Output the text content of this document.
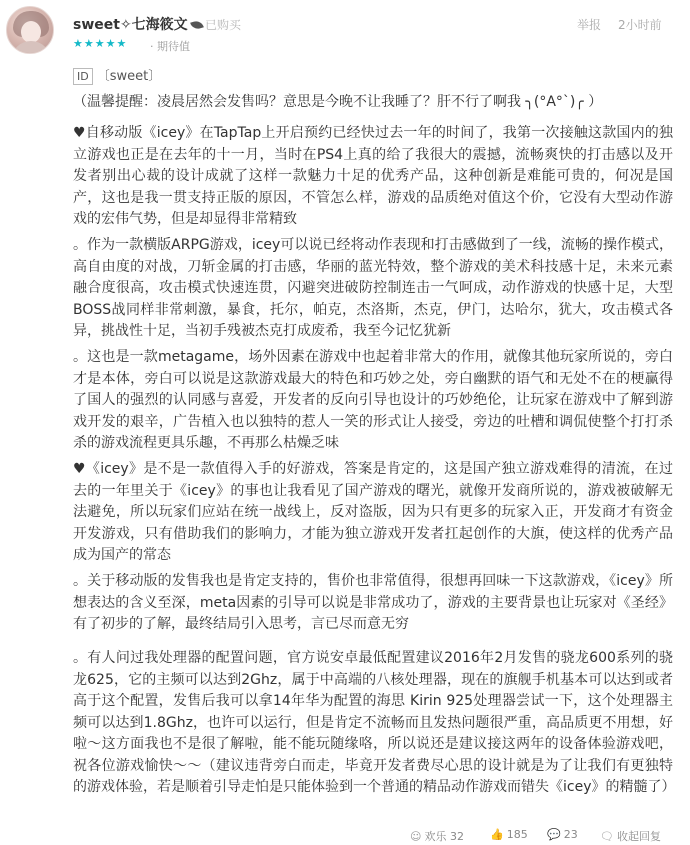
sweet✧七海筱文	已购买
★★★★★ · 期待值
举报 2小时前
ID 〔sweet〕
（温馨提醒：凌晨居然会发售吗？意思是今晚不让我睡了？肝不行了啊我 ╮(°A°`)╭ ）
♥自移动版《icey》在TapTap上开启预约已经快过去一年的时间了，我第一次接触这款国内的独立游戏也正是在去年的十一月，当时在PS4上真的给了我很大的震撼，流畅爽快的打击感以及开发者别出心裁的设计成就了这样一款魅力十足的优秀产品，这种创新是难能可贵的，何况是国产，这也是我一贯支持正版的原因，不管怎么样，游戏的品质绝对值这个价，它没有大型动作游戏的宏伟气势，但是却显得非常精致
。作为一款横版ARPG游戏，icey可以说已经将动作表现和打击感做到了一线，流畅的操作模式，高自由度的对战，刀斩金属的打击感，华丽的蓝光特效，整个游戏的美术科技感十足，未来元素融合度很高，攻击模式快速连贯，闪避突进破防控制连击一气呵成，动作游戏的快感十足，大型BOSS战同样非常刺激，暴食，托尔，帕克，杰洛斯，杰克，伊门，达哈尔，犹大，攻击模式各异，挑战性十足，当初手残被杰克打成废希，我至今记忆犹新
。这也是一款metagame，场外因素在游戏中也起着非常大的作用，就像其他玩家所说的，旁白才是本体，旁白可以说是这款游戏最大的特色和巧妙之处，旁白幽默的语气和无处不在的梗赢得了国人的强烈的认同感与喜爱，开发者的反向引导也设计的巧妙绝伦，让玩家在游戏中了解到游戏开发的艰辛，广告植入也以独特的惹人一笑的形式让人接受，旁边的吐槽和调侃使整个打打杀杀的游戏流程更具乐趣，不再那么枯燥乏味
♥《icey》是不是一款值得入手的好游戏，答案是肯定的，这是国产独立游戏难得的清流，在过去的一年里关于《icey》的事也让我看见了国产游戏的曙光，就像开发商所说的，游戏被破解无法避免，所以玩家们应站在统一战线上，反对盗版，因为只有更多的玩家入正，开发商才有资金开发游戏，只有借助我们的影响力，才能为独立游戏开发者扛起创作的大旗，使这样的优秀产品成为国产的常态
。关于移动版的发售我也是肯定支持的，售价也非常值得，很想再回味一下这款游戏，《icey》所想表达的含义至深，meta因素的引导可以说是非常成功了，游戏的主要背景也让玩家对《圣经》有了初步的了解，最终结局引入思考，言已尽而意无穷
。有人问过我处理器的配置问题，官方说安卓最低配置建议2016年2月发售的骁龙600系列的骁龙625，它的主频可以达到2Ghz，属于中高端的八核处理器，现在的旗舰手机基本可以达到或者高于这个配置，发售后我可以拿14年华为配置的海思 Kirin 925处理器尝试一下，这个处理器主频可以达到1.8Ghz，也许可以运行，但是肯定不流畅而且发热问题很严重，高品质更不用想，好啦～这方面我也不是很了解啦，能不能玩随缘咯，所以说还是建议接这两年的设备体验游戏吧，祝各位游戏愉快～～（建议违背旁白而走，毕竟开发者费尽心思的设计就是为了让我们有更独特的游戏体验，若是顺着引导走怕是只能体验到一个普通的精品动作游戏而错失《icey》的精髓了）
☺ 欢乐 32 👍 185 💬 23 🗨 收起回复
